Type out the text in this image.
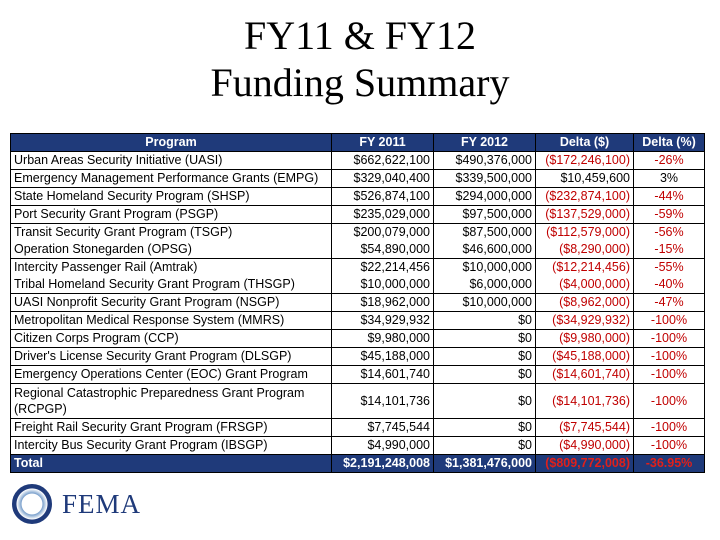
FY11 & FY12
Funding Summary
Program	FY 2011	FY 2012	Delta ($)	Delta (%)
Urban Areas Security Initiative (UASI)	$662,622,100	$490,376,000	($172,246,100)	-26%
Emergency Management Performance Grants (EMPG)	$329,040,400	$339,500,000	$10,459,600	3%
State Homeland Security Program (SHSP)	$526,874,100	$294,000,000	($232,874,100)	-44%
Port Security Grant Program (PSGP)	$235,029,000	$97,500,000	($137,529,000)	-59%
Transit Security Grant Program (TSGP)	$200,079,000	$87,500,000	($112,579,000)	-56%
Operation Stonegarden (OPSG)	$54,890,000	$46,600,000	($8,290,000)	-15%
Intercity Passenger Rail (Amtrak)	$22,214,456	$10,000,000	($12,214,456)	-55%
Tribal Homeland Security Grant Program (THSGP)	$10,000,000	$6,000,000	($4,000,000)	-40%
UASI Nonprofit Security Grant Program (NSGP)	$18,962,000	$10,000,000	($8,962,000)	-47%
Metropolitan Medical Response System (MMRS)	$34,929,932	$0	($34,929,932)	-100%
Citizen Corps Program (CCP)	$9,980,000	$0	($9,980,000)	-100%
Driver's License Security Grant Program (DLSGP)	$45,188,000	$0	($45,188,000)	-100%
Emergency Operations Center (EOC) Grant Program	$14,601,740	$0	($14,601,740)	-100%
Regional Catastrophic Preparedness Grant Program (RCPGP)	$14,101,736	$0	($14,101,736)	-100%
Freight Rail Security Grant Program (FRSGP)	$7,745,544	$0	($7,745,544)	-100%
Intercity Bus Security Grant Program (IBSGP)	$4,990,000	$0	($4,990,000)	-100%
Total	$2,191,248,008	$1,381,476,000	($809,772,008)	-36.95%
FEMA
